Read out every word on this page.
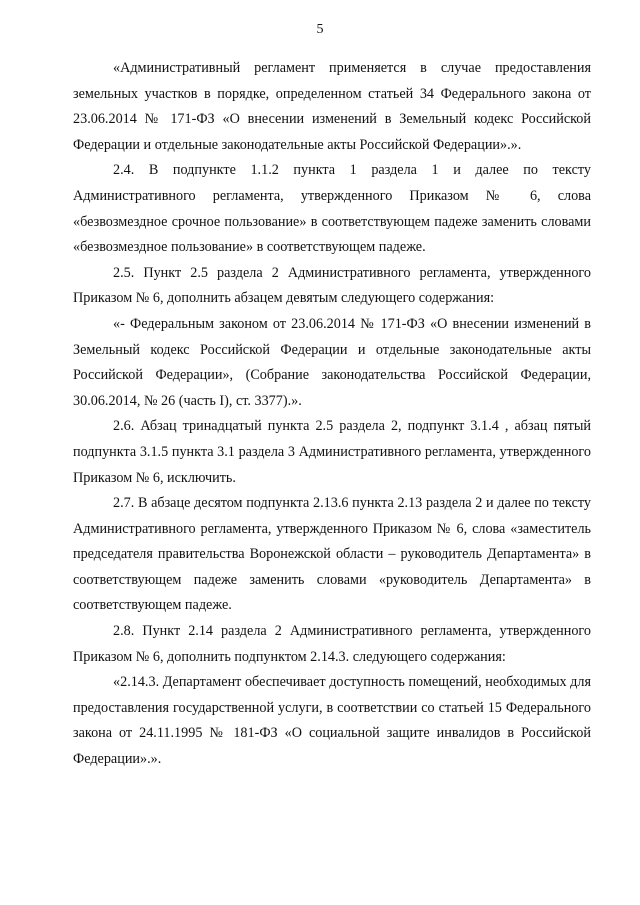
5

«Административный регламент применяется в случае предоставления земельных участков в порядке, определенном статьей 34 Федерального закона от 23.06.2014 № 171-ФЗ «О внесении изменений в Земельный кодекс Российской Федерации и отдельные законодательные акты Российской Федерации».».

2.4. В подпункте 1.1.2 пункта 1 раздела 1 и далее по тексту Административного регламента, утвержденного Приказом № 6, слова «безвозмездное срочное пользование» в соответствующем падеже заменить словами «безвозмездное пользование» в соответствующем падеже.

2.5. Пункт 2.5 раздела 2 Административного регламента, утвержденного Приказом № 6, дополнить абзацем девятым следующего содержания:

«- Федеральным законом от 23.06.2014 № 171-ФЗ «О внесении изменений в Земельный кодекс Российской Федерации и отдельные законодательные акты Российской Федерации», (Собрание законодательства Российской Федерации, 30.06.2014, № 26 (часть I), ст. 3377).».

2.6. Абзац тринадцатый пункта 2.5 раздела 2, подпункт 3.1.4 , абзац пятый подпункта 3.1.5 пункта 3.1 раздела 3 Административного регламента, утвержденного Приказом № 6, исключить.

2.7. В абзаце десятом подпункта 2.13.6 пункта 2.13 раздела 2 и далее по тексту Административного регламента, утвержденного Приказом № 6, слова «заместитель председателя правительства Воронежской области – руководитель Департамента» в соответствующем падеже заменить словами «руководитель Департамента» в соответствующем падеже.

2.8. Пункт 2.14 раздела 2 Административного регламента, утвержденного Приказом № 6, дополнить подпунктом 2.14.3. следующего содержания:

«2.14.3. Департамент обеспечивает доступность помещений, необходимых для предоставления государственной услуги, в соответствии со статьей 15 Федерального закона от 24.11.1995 № 181-ФЗ «О социальной защите инвалидов в Российской Федерации».».
